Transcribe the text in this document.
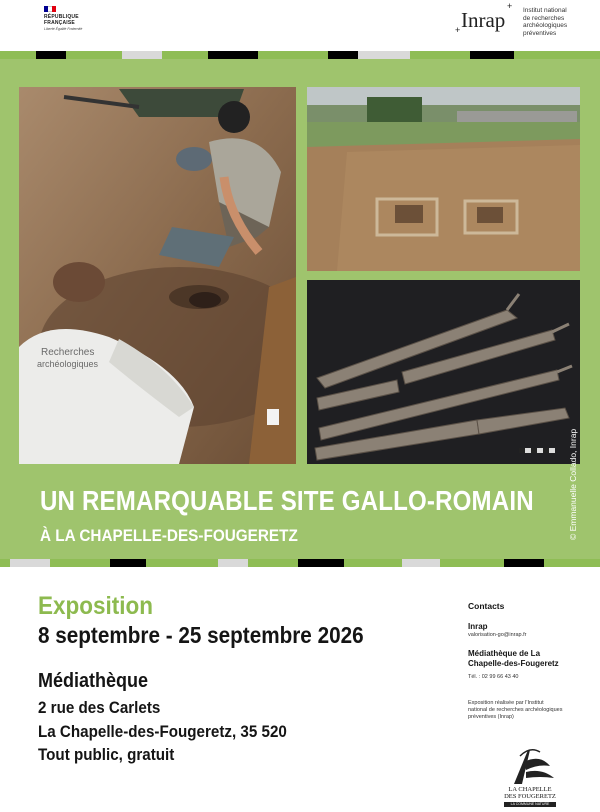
RÉPUBLIQUE
FRANÇAISE
Liberté Égalité Fraternité	+
+
Inrap	Institut national
de recherches
archéologiques
préventives
Recherches
archéologiques
© Emmanuelle Collado, Inrap
UN REMARQUABLE SITE GALLO-ROMAIN
À LA CHAPELLE-DES-FOUGERETZ
Exposition
8 septembre - 25 septembre 2026
Médiathèque
2 rue des Carlets
La Chapelle-des-Fougeretz, 35 520
Tout public, gratuit
Contacts
Inrap
valorisation-go@inrap.fr
Médiathèque de La
Chapelle-des-Fougeretz
Tél. : 02 99 66 43 40
Exposition réalisée par l'Institut
national de recherches archéologiques
préventives (Inrap)
LA CHAPELLE
DES FOUGERETZ
LA COMMUNE NATURE
